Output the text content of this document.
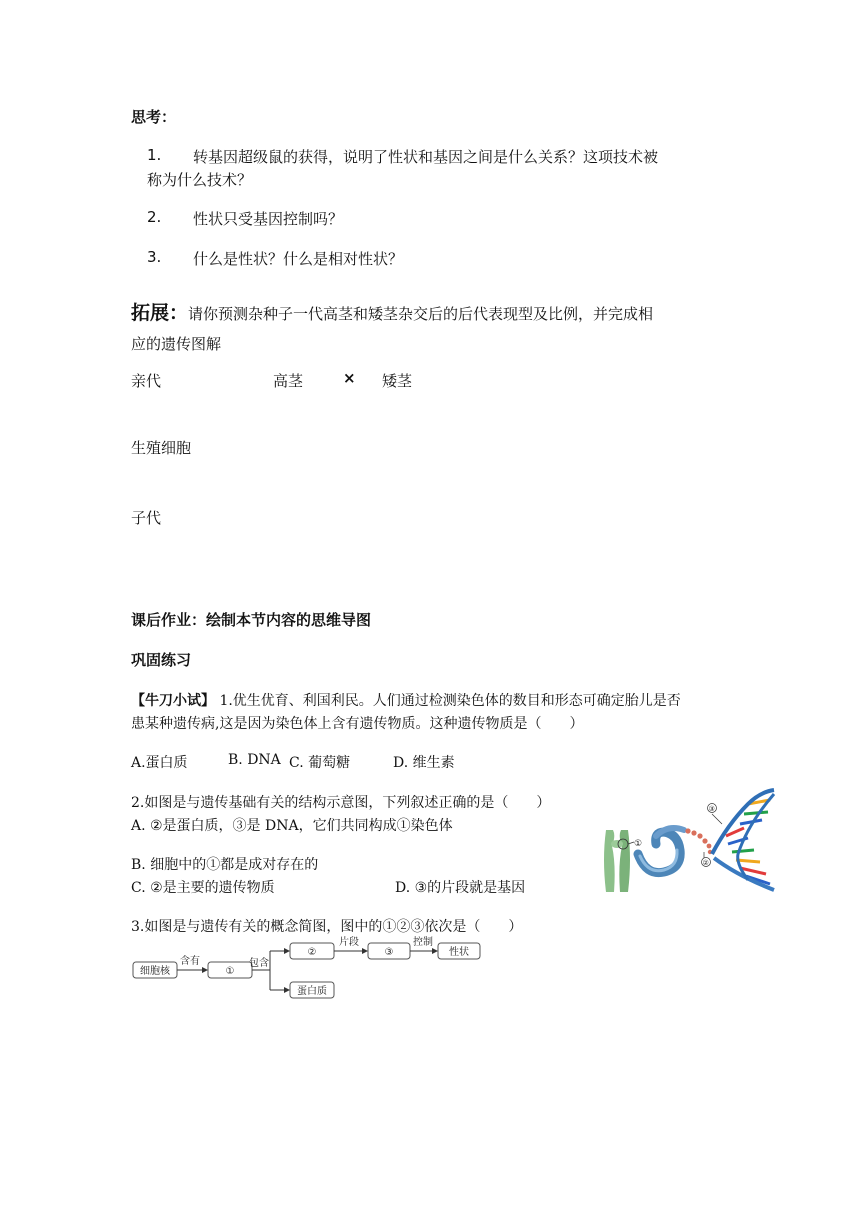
思考：
1. 转基因超级鼠的获得，说明了性状和基因之间是什么关系？这项技术被
称为什么技术？
2. 性状只受基因控制吗？
3. 什么是性状？什么是相对性状？
拓展：请你预测杂种子一代高茎和矮茎杂交后的后代表现型及比例，并完成相
应的遗传图解
亲代	高茎	× 矮茎
生殖细胞
子代
课后作业：绘制本节内容的思维导图
巩固练习
【牛刀小试】 1.优生优育、利国利民。人们通过检测染色体的数目和形态可确定胎儿是否
患某种遗传病,这是因为染色体上含有遗传物质。这种遗传物质是（　　）
A.蛋白质	B. DNA C. 葡萄糖	D. 维生素
2.如图是与遗传基础有关的结构示意图，下列叙述正确的是（　　）
A. ②是蛋白质，③是 DNA，它们共同构成①染色体
B. 细胞中的①都是成对存在的
C. ②是主要的遗传物质	D. ③的片段就是基因
①
③
②
3.如图是与遗传有关的概念简图，图中的①②③依次是（　　）
细胞核	①
②	③	性状
蛋白质
含有	包含
片段	控制
